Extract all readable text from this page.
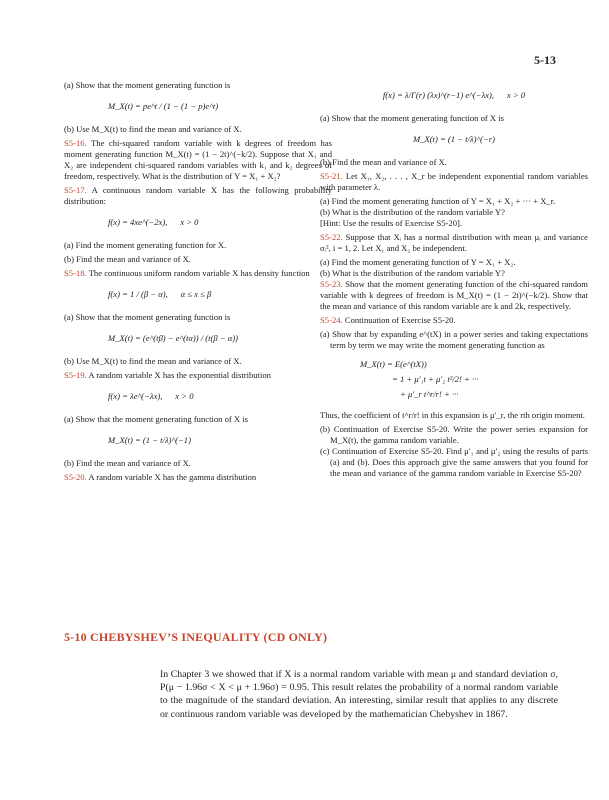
5-13

(a) Show that the moment generating function is

M_X(t) = pe^t / (1 − (1 − p)e^t)

(b) Use M_X(t) to find the mean and variance of X.

S5-16. The chi-squared random variable with k degrees of freedom has moment generating function M_X(t) = (1 − 2t)^(−k/2). Suppose that X₁ and X₂ are independent chi-squared random variables with k₁ and k₂ degrees of freedom, respectively. What is the distribution of Y = X₁ + X₂?

S5-17. A continuous random variable X has the following probability distribution:

f(x) = 4xe^(−2x),      x > 0

(a) Find the moment generating function for X.

(b) Find the mean and variance of X.

S5-18. The continuous uniform random variable X has density function

f(x) = 1 / (β − α),      α ≤ x ≤ β

(a) Show that the moment generating function is

M_X(t) = (e^(tβ) − e^(tα)) / (t(β − α))

(b) Use M_X(t) to find the mean and variance of X.

S5-19. A random variable X has the exponential distribution

f(x) = λe^(−λx),      x > 0

(a) Show that the moment generating function of X is

M_X(t) = (1 − t/λ)^(−1)

(b) Find the mean and variance of X.

S5-20. A random variable X has the gamma distribution

f(x) = λ/Γ(r) (λx)^(r−1) e^(−λx),      x > 0

(a) Show that the moment generating function of X is

M_X(t) = (1 − t/λ)^(−r)

(b) Find the mean and variance of X.

S5-21. Let X₁, X₂, . . . , X_r be independent exponential random variables with parameter λ.

(a) Find the moment generating function of Y = X₁ + X₂ + ··· + X_r.

(b) What is the distribution of the random variable Y?

[Hint: Use the results of Exercise S5-20].

S5-22. Suppose that Xᵢ has a normal distribution with mean μᵢ and variance σᵢ², i = 1, 2. Let X₁ and X₂ be independent.

(a) Find the moment generating function of Y = X₁ + X₂.

(b) What is the distribution of the random variable Y?

S5-23. Show that the moment generating function of the chi-squared random variable with k degrees of freedom is M_X(t) = (1 − 2t)^(−k/2). Show that the mean and variance of this random variable are k and 2k, respectively.

S5-24. Continuation of Exercise S5-20.

(a) Show that by expanding e^(tX) in a power series and taking expectations term by term we may write the moment generating function as

M_X(t) = E(e^(tX))
= 1 + μ′₁t + μ′₂ t²/2! + ···
+ μ′_r t^r/r! + ···

Thus, the coefficient of t^r/r! in this expansion is μ′_r, the rth origin moment.

(b) Continuation of Exercise S5-20. Write the power series expansion for M_X(t), the gamma random variable.

(c) Continuation of Exercise S5-20. Find μ′₁ and μ′₂ using the results of parts (a) and (b). Does this approach give the same answers that you found for the mean and variance of the gamma random variable in Exercise S5-20?

5-10 CHEBYSHEV’S INEQUALITY (CD ONLY)

In Chapter 3 we showed that if X is a normal random variable with mean μ and standard deviation σ, P(μ − 1.96σ < X < μ + 1.96σ) = 0.95. This result relates the probability of a normal random variable to the magnitude of the standard deviation. An interesting, similar result that applies to any discrete or continuous random variable was developed by the mathematician Chebyshev in 1867.
